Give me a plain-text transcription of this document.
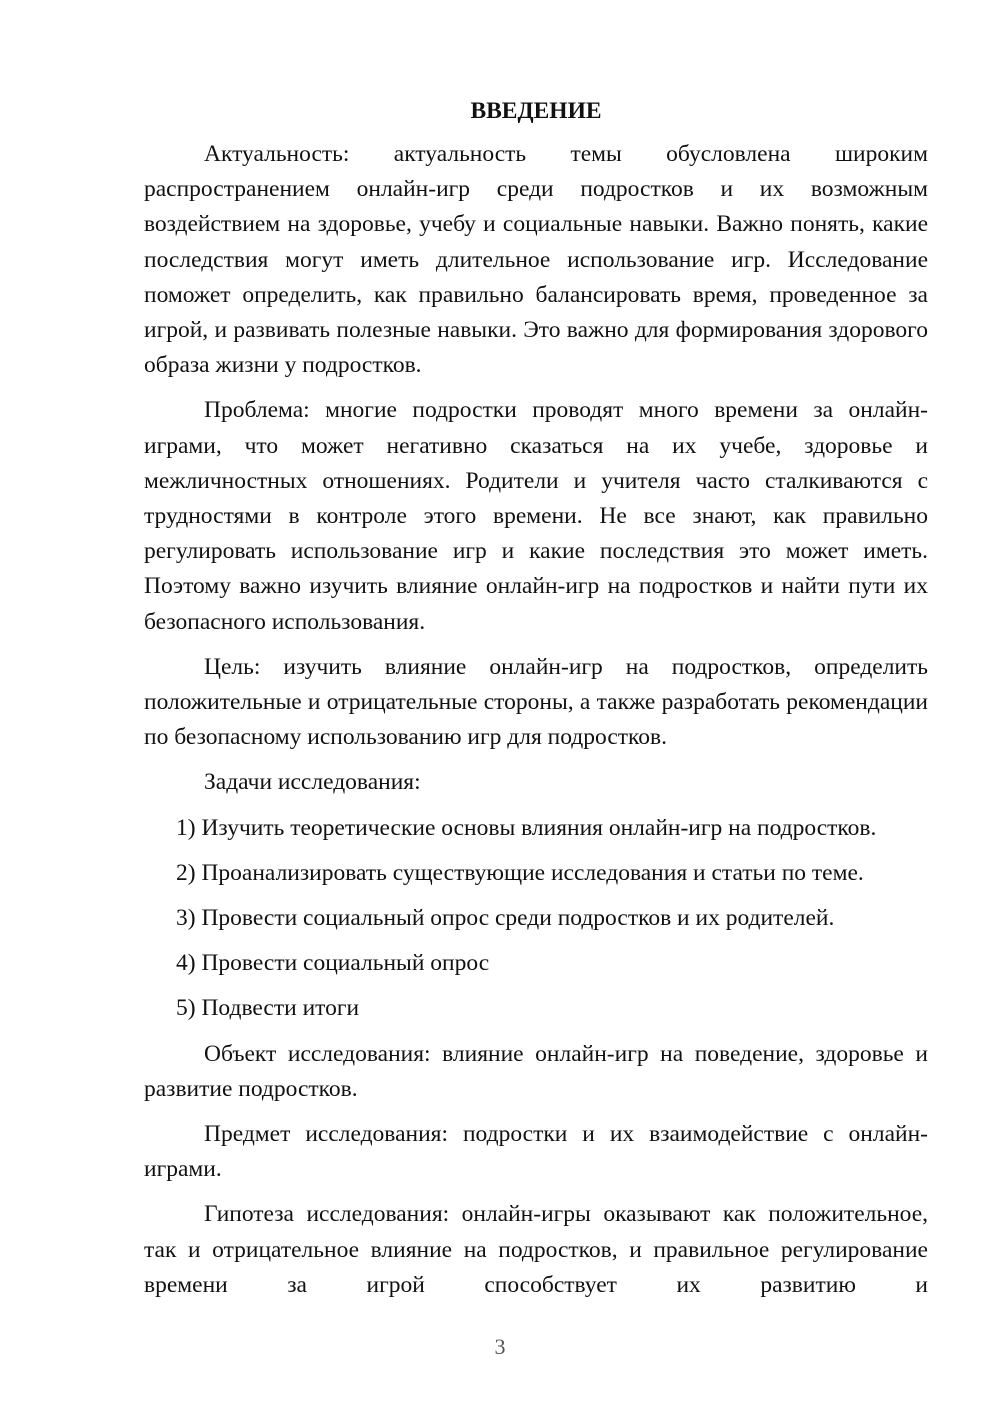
ВВЕДЕНИЕ

Актуальность: актуальность темы обусловлена широким распространением онлайн-игр среди подростков и их возможным воздействием на здоровье, учебу и социальные навыки. Важно понять, какие последствия могут иметь длительное использование игр. Исследование поможет определить, как правильно балансировать время, проведенное за игрой, и развивать полезные навыки. Это важно для формирования здорового образа жизни у подростков.

Проблема: многие подростки проводят много времени за онлайн-играми, что может негативно сказаться на их учебе, здоровье и межличностных отношениях. Родители и учителя часто сталкиваются с трудностями в контроле этого времени. Не все знают, как правильно регулировать использование игр и какие последствия это может иметь. Поэтому важно изучить влияние онлайн-игр на подростков и найти пути их безопасного использования.

Цель: изучить влияние онлайн-игр на подростков, определить положительные и отрицательные стороны, а также разработать рекомендации по безопасному использованию игр для подростков.

Задачи исследования:

1) Изучить теоретические основы влияния онлайн-игр на подростков.

2) Проанализировать существующие исследования и статьи по теме.

3) Провести социальный опрос среди подростков и их родителей.

4) Провести социальный опрос

5) Подвести итоги

Объект исследования: влияние онлайн-игр на поведение, здоровье и развитие подростков.

Предмет исследования: подростки и их взаимодействие с онлайн-играми.

Гипотеза исследования: онлайн-игры оказывают как положительное, так и отрицательное влияние на подростков, и правильное регулирование времени за игрой способствует их развитию и

3
